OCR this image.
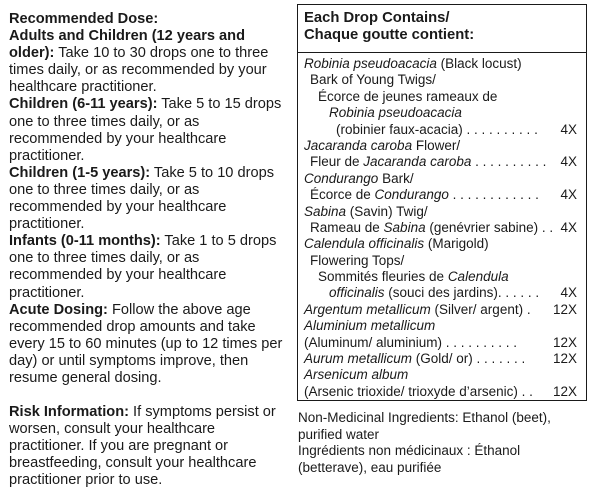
Recommended Dose:

Adults and Children (12 years and older): Take 10 to 30 drops one to three times daily, or as recommended by your healthcare practitioner.

Children (6-11 years): Take 5 to 15 drops one to three times daily, or as recommended by your healthcare practitioner.

Children (1-5 years): Take 5 to 10 drops one to three times daily, or as recommended by your healthcare practitioner.

Infants (0-11 months): Take 1 to 5 drops one to three times daily, or as recommended by your healthcare practitioner.

Acute Dosing: Follow the above age recommended drop amounts and take every 15 to 60 minutes (up to 12 times per day) or until symptoms improve, then resume general dosing.

Risk Information: If symptoms persist or worsen, consult your healthcare practitioner. If you are pregnant or breastfeeding, consult your healthcare practitioner prior to use.

Each Drop Contains/
Chaque goutte contient:
Robinia pseudoacacia (Black locust)
Bark of Young Twigs/
Écorce de jeunes rameaux de
Robinia pseudoacacia
(robinier faux-acacia) . . . . . . . . . . 4X
Jacaranda caroba Flower/
Fleur de Jacaranda caroba . . . . . . . . . . 4X
Condurango Bark/
Écorce de Condurango . . . . . . . . . . . . 4X
Sabina (Savin) Twig/
Rameau de Sabina (genévrier sabine) . . 4X
Calendula officinalis (Marigold)
Flowering Tops/
Sommités fleuries de Calendula
officinalis (souci des jardins). . . . . . 4X
Argentum metallicum (Silver/ argent) . 12X
Aluminium metallicum
(Aluminum/ aluminium) . . . . . . . . . .	12X
Aurum metallicum (Gold/ or) . . . . . . . 12X
Arsenicum album
(Arsenic trioxide/ trioxyde d’arsenic) . . 12X

Non-Medicinal Ingredients: Ethanol (beet), purified water

Ingrédients non médicinaux : Éthanol (betterave), eau purifiée
